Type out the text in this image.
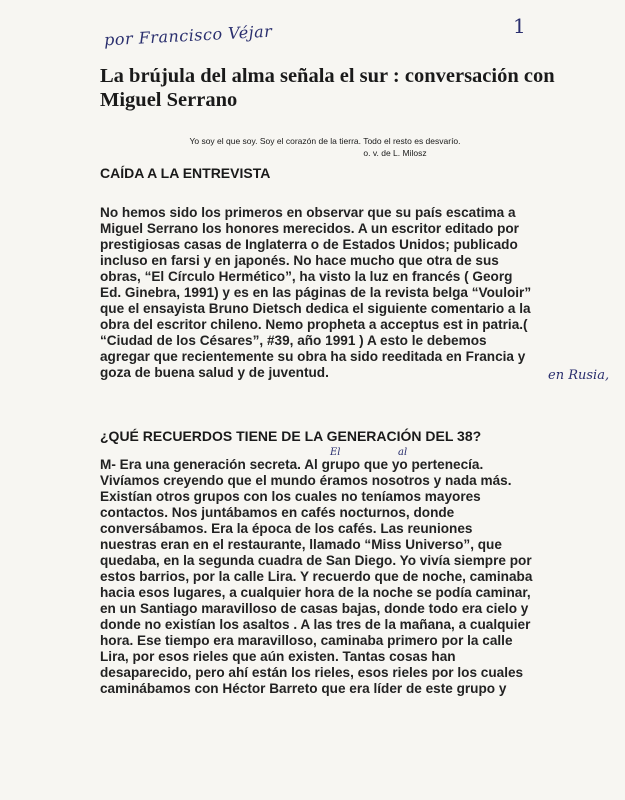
por Francisco Véjar	1
La brújula del alma señala el sur : conversación con Miguel Serrano
Yo soy el que soy. Soy el corazón de la tierra. Todo el resto es desvarío.
o. v. de L. Milosz
CAÍDA A LA ENTREVISTA
No hemos sido los primeros en observar que su país escatima a
Miguel Serrano los honores merecidos. A un escritor editado por
prestigiosas casas de Inglaterra o de Estados Unidos; publicado
incluso en farsi y en japonés. No hace mucho que otra de sus
obras, “El Círculo Hermético”, ha visto la luz en francés ( Georg
Ed. Ginebra, 1991) y es en las páginas de la revista belga “Vouloir”
que el ensayista Bruno Dietsch dedica el siguiente comentario a la
obra del escritor chileno. Nemo propheta a acceptus est in patria.(
“Ciudad de los Césares”, #39, año 1991 ) A esto le debemos
agregar que recientemente su obra ha sido reeditada en Francia y
goza de buena salud y de juventud.	en Rusia,
¿QUÉ RECUERDOS TIENE DE LA GENERACIÓN DEL 38?
El	al
M- Era una generación secreta. Al grupo que yo pertenecía.
Vivíamos creyendo que el mundo éramos nosotros y nada más.
Existían otros grupos con los cuales no teníamos mayores
contactos. Nos juntábamos en cafés nocturnos, donde
conversábamos. Era la época de los cafés. Las reuniones
nuestras eran en el restaurante, llamado “Miss Universo”, que
quedaba, en la segunda cuadra de San Diego. Yo vivía siempre por
estos barrios, por la calle Lira. Y recuerdo que de noche, caminaba
hacia esos lugares, a cualquier hora de la noche se podía caminar,
en un Santiago maravilloso de casas bajas, donde todo era cielo y
donde no existían los asaltos . A las tres de la mañana, a cualquier
hora. Ese tiempo era maravilloso, caminaba primero por la calle
Lira, por esos rieles que aún existen. Tantas cosas han
desaparecido, pero ahí están los rieles, esos rieles por los cuales
caminábamos con Héctor Barreto que era líder de este grupo y
